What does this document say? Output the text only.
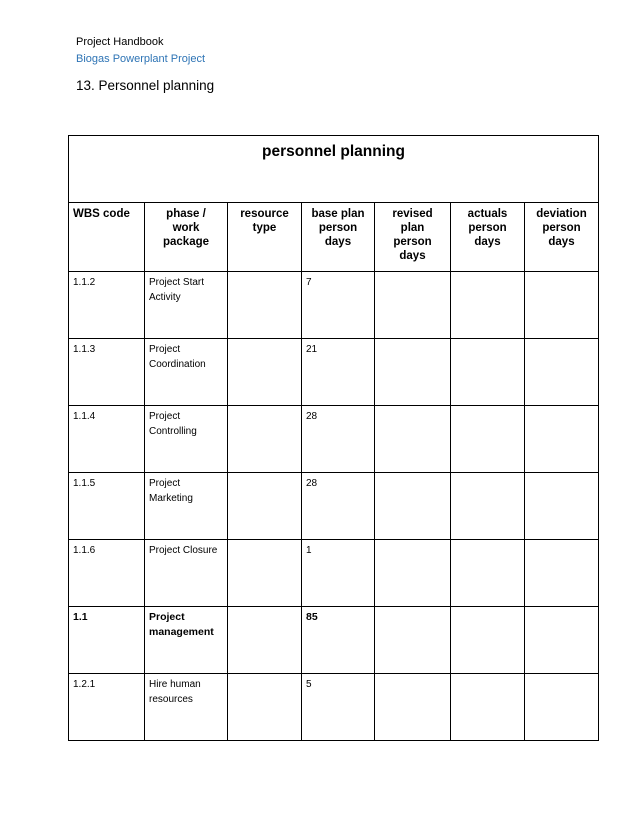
Project Handbook
Biogas Powerplant Project
13. Personnel planning
personnel planning						

WBS code	phase / work package	resource type	base plan person days	revised plan person days	actuals person days	deviation person days

1.1.2	Project Start Activity		7			
1.1.3	Project Coordination		21			
1.1.4	Project Controlling		28			
1.1.5	Project Marketing		28			
1.1.6	Project Closure		1			
1.1	Project management		85			
1.2.1	Hire human resources		5			
